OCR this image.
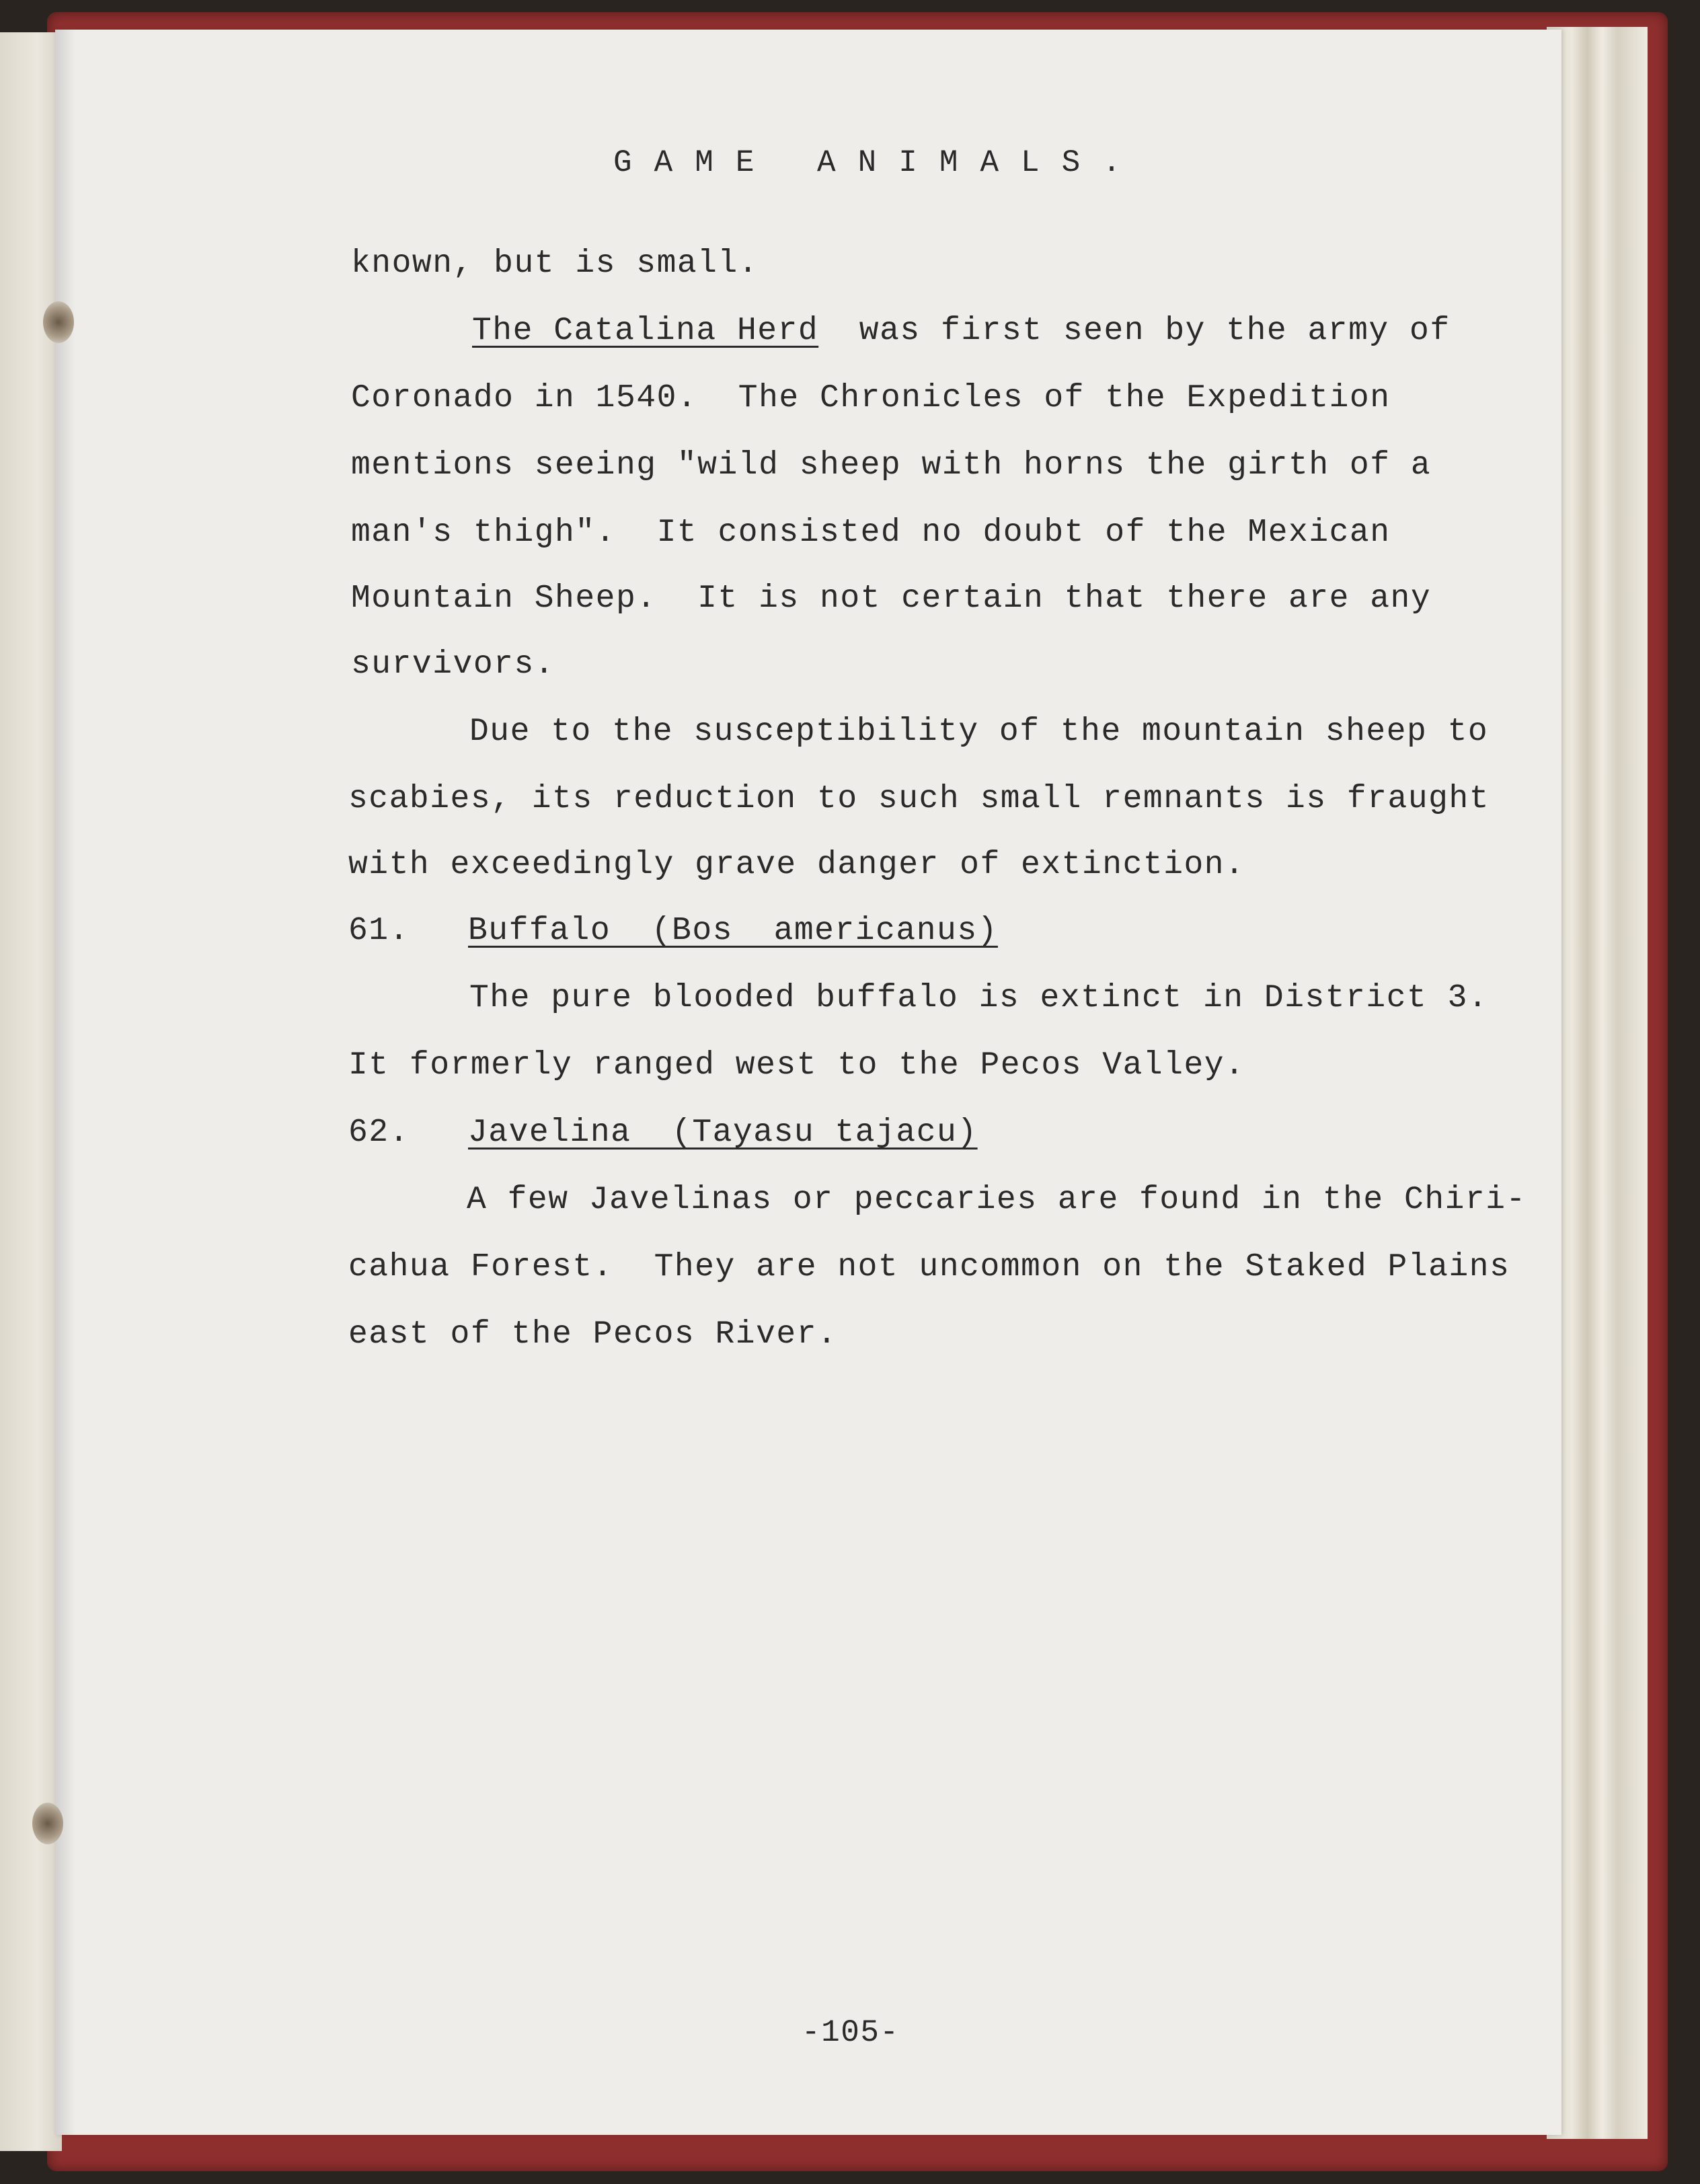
GAME ANIMALS.
known, but is small.
The Catalina Herd  was first seen by the army of
Coronado in 1540.  The Chronicles of the Expedition
mentions seeing "wild sheep with horns the girth of a
man's thigh".  It consisted no doubt of the Mexican
Mountain Sheep.  It is not certain that there are any
survivors.
Due to the susceptibility of the mountain sheep to
scabies, its reduction to such small remnants is fraught
with exceedingly grave danger of extinction.
61. Buffalo  (Bos  americanus)
The pure blooded buffalo is extinct in District 3.
It formerly ranged west to the Pecos Valley.
62. Javelina  (Tayasu tajacu)
A few Javelinas or peccaries are found in the Chiri-
cahua Forest.  They are not uncommon on the Staked Plains
east of the Pecos River.
-105-
